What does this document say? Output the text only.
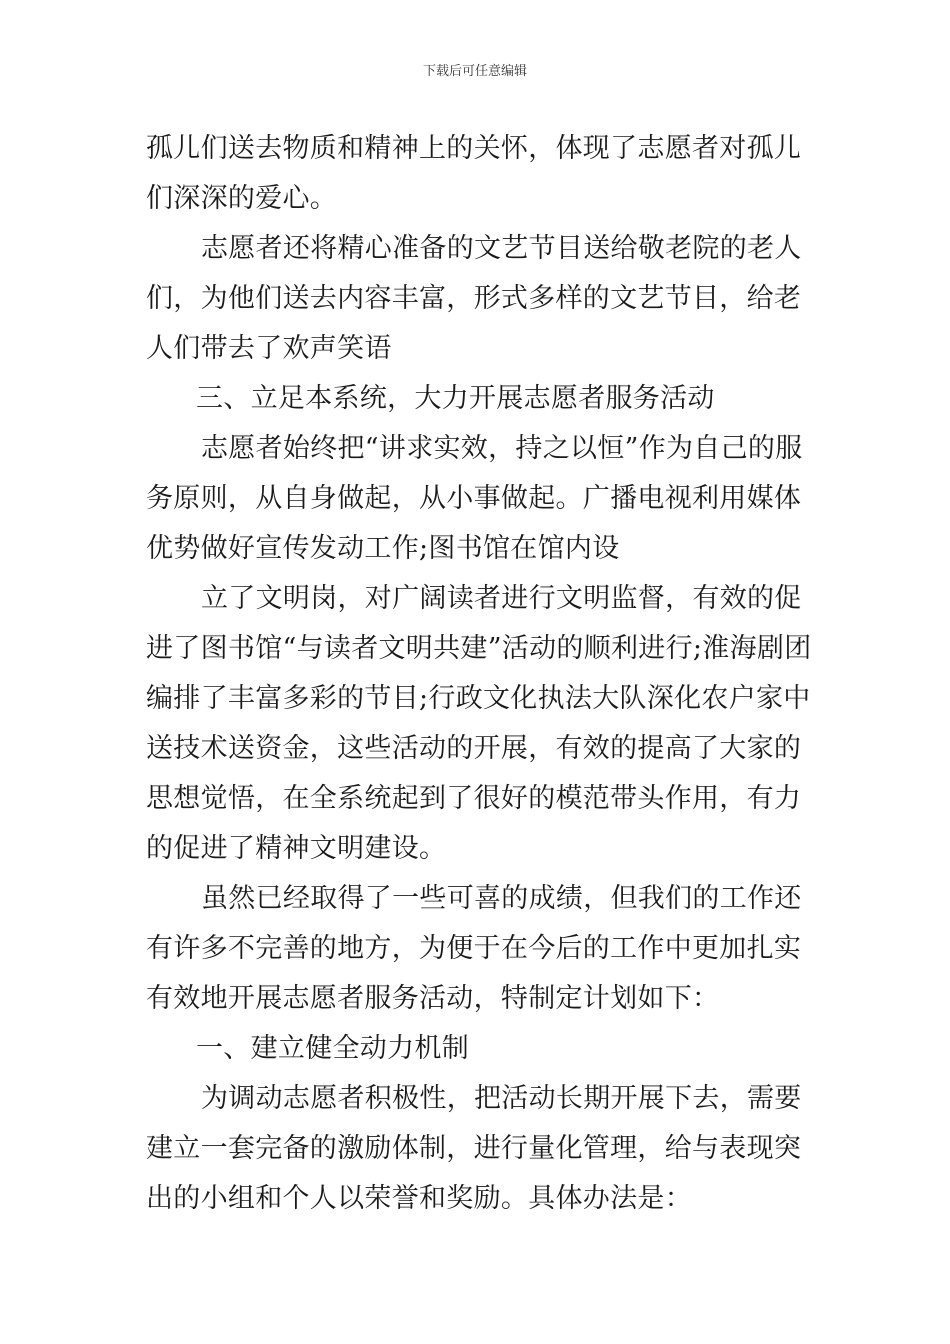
下载后可任意编辑

孤儿们送去物质和精神上的关怀，体现了志愿者对孤儿们深深的爱心。

志愿者还将精心准备的文艺节目送给敬老院的老人们，为他们送去内容丰富，形式多样的文艺节目，给老人们带去了欢声笑语

三、立足本系统，大力开展志愿者服务活动

志愿者始终把“讲求实效，持之以恒”作为自己的服务原则，从自身做起，从小事做起。广播电视利用媒体优势做好宣传发动工作;图书馆在馆内设

立了文明岗，对广阔读者进行文明监督，有效的促进了图书馆“与读者文明共建”活动的顺利进行;淮海剧团编排了丰富多彩的节目;行政文化执法大队深化农户家中送技术送资金，这些活动的开展，有效的提高了大家的思想觉悟，在全系统起到了很好的模范带头作用，有力的促进了精神文明建设。

虽然已经取得了一些可喜的成绩，但我们的工作还有许多不完善的地方，为便于在今后的工作中更加扎实有效地开展志愿者服务活动，特制定计划如下：

一、建立健全动力机制

为调动志愿者积极性，把活动长期开展下去，需要建立一套完备的激励体制，进行量化管理，给与表现突出的小组和个人以荣誉和奖励。具体办法是：
